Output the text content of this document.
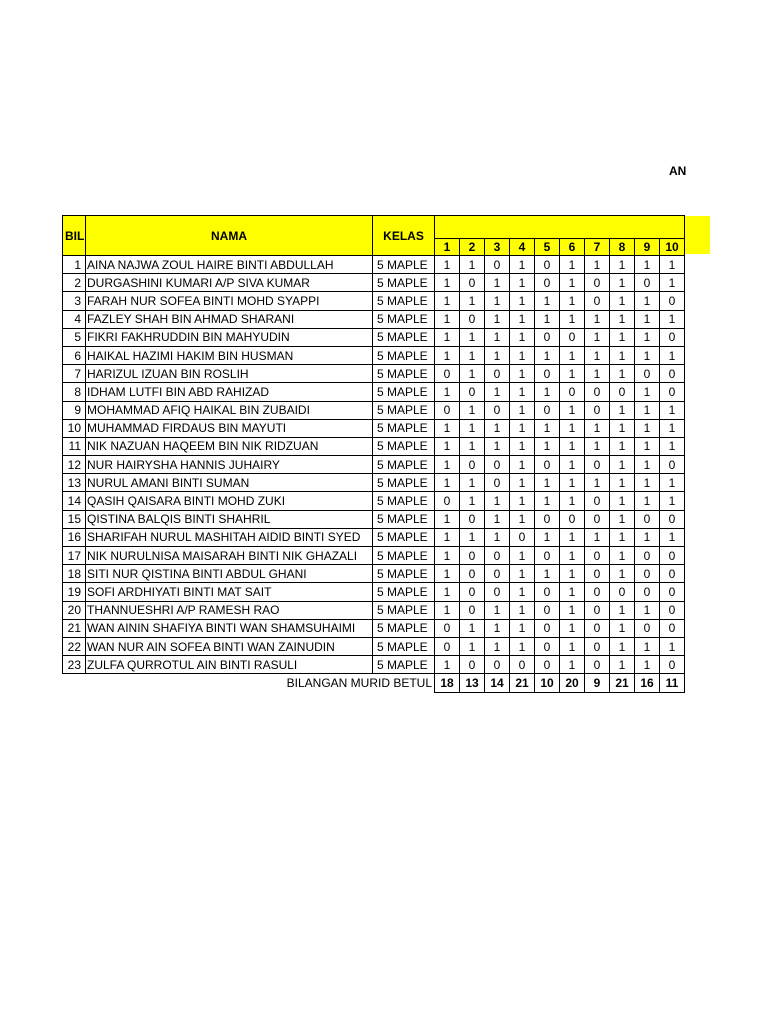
AN
BIL	NAMA	KELAS										
			1	2	3	4	5	6	7	8	9	10
1	AINA NAJWA ZOUL HAIRE BINTI ABDULLAH	5 MAPLE	1	1	0	1	0	1	1	1	1	1
2	DURGASHINI KUMARI A/P SIVA KUMAR	5 MAPLE	1	0	1	1	0	1	0	1	0	1
3	FARAH NUR SOFEA BINTI MOHD SYAPPI	5 MAPLE	1	1	1	1	1	1	0	1	1	0
4	FAZLEY SHAH BIN AHMAD SHARANI	5 MAPLE	1	0	1	1	1	1	1	1	1	1
5	FIKRI FAKHRUDDIN BIN MAHYUDIN	5 MAPLE	1	1	1	1	0	0	1	1	1	0
6	HAIKAL HAZIMI HAKIM BIN HUSMAN	5 MAPLE	1	1	1	1	1	1	1	1	1	1
7	HARIZUL IZUAN BIN ROSLIH	5 MAPLE	0	1	0	1	0	1	1	1	0	0
8	IDHAM LUTFI BIN ABD RAHIZAD	5 MAPLE	1	0	1	1	1	0	0	0	1	0
9	MOHAMMAD AFIQ HAIKAL BIN ZUBAIDI	5 MAPLE	0	1	0	1	0	1	0	1	1	1
10	MUHAMMAD FIRDAUS BIN MAYUTI	5 MAPLE	1	1	1	1	1	1	1	1	1	1
11	NIK NAZUAN HAQEEM BIN NIK RIDZUAN	5 MAPLE	1	1	1	1	1	1	1	1	1	1
12	NUR HAIRYSHA HANNIS JUHAIRY	5 MAPLE	1	0	0	1	0	1	0	1	1	0
13	NURUL AMANI BINTI SUMAN	5 MAPLE	1	1	0	1	1	1	1	1	1	1
14	QASIH QAISARA BINTI MOHD ZUKI	5 MAPLE	0	1	1	1	1	1	0	1	1	1
15	QISTINA BALQIS BINTI SHAHRIL	5 MAPLE	1	0	1	1	0	0	0	1	0	0
16	SHARIFAH NURUL MASHITAH AIDID BINTI SYED	5 MAPLE	1	1	1	0	1	1	1	1	1	1
17	NIK NURULNISA MAISARAH BINTI NIK GHAZALI	5 MAPLE	1	0	0	1	0	1	0	1	0	0
18	SITI NUR QISTINA BINTI ABDUL GHANI	5 MAPLE	1	0	0	1	1	1	0	1	0	0
19	SOFI ARDHIYATI BINTI MAT SAIT	5 MAPLE	1	0	0	1	0	1	0	0	0	0
20	THANNUESHRI A/P RAMESH RAO	5 MAPLE	1	0	1	1	0	1	0	1	1	0
21	WAN AININ SHAFIYA BINTI WAN SHAMSUHAIMI	5 MAPLE	0	1	1	1	0	1	0	1	0	0
22	WAN NUR AIN SOFEA BINTI WAN ZAINUDIN	5 MAPLE	0	1	1	1	0	1	0	1	1	1
23	ZULFA QURROTUL AIN BINTI RASULI	5 MAPLE	1	0	0	0	0	1	0	1	1	0
	BILANGAN MURID BETUL		18	13	14	21	10	20	9	21	16	11
